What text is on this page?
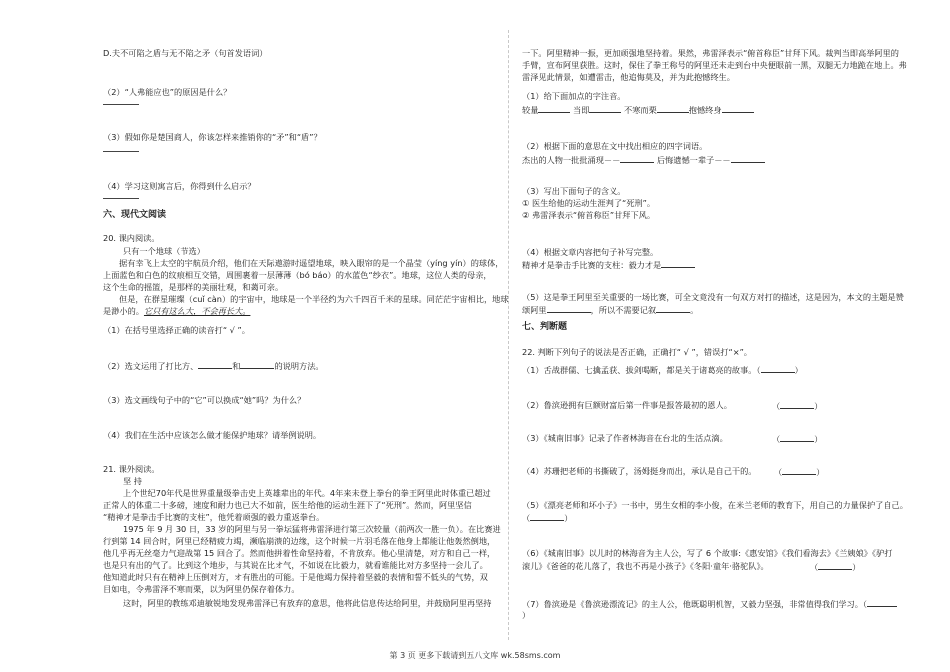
D.夫不可陷之盾与无不陷之矛（句首发语词）
（2）“人弗能应也”的原因是什么？
（3）假如你是楚国商人，你该怎样来推销你的“矛”和“盾”？
（4）学习这则寓言后，你得到什么启示？
六、现代文阅读
20. 课内阅读。
只有一个地球（节选）
据有幸飞上太空的宇航员介绍，他们在天际遨游时遥望地球，映入眼帘的是一个晶莹（yíng yín）的球体，
上面蓝色和白色的纹痕相互交错，周围裹着一层薄薄（bó báo）的水蓝色“纱衣”。地球，这位人类的母亲，
这个生命的摇篮，是那样的美丽壮观，和蔼可亲。
但是，在群星璀璨（cuǐ càn）的宇宙中，地球是一个半径约为六千四百千米的星球。同茫茫宇宙相比，地球
是渺小的。它只有这么大，不会再长大。
（1）在括号里选择正确的读音打“ √ ”。
（2）选文运用了打比方、	和	的说明方法。
（3）选文画线句子中的“它”可以换成“她”吗？为什么？
（4）我们在生活中应该怎么做才能保护地球？请举例说明。
21. 课外阅读。
坚 持
上个世纪70年代是世界重量级拳击史上英雄辈出的年代。4年来未登上拳台的拳王阿里此时体重已超过
正常人的体重二十多磅，速度和耐力也已大不如前，医生给他的运动生涯下了“死刑”。然而，阿里坚信
“精神才是拳击手比赛的支柱”，他凭着顽强的毅力重返拳台。
1975 年 9 月 30 日，33 岁的阿里与另一拳坛猛将弗雷泽进行第三次较量（前两次一胜一负）。在比赛进
行到第 14 回合时，阿里已经精疲力竭，濒临崩溃的边缘，这个时候一片羽毛落在他身上都能让他轰然倒地，
他几乎再无丝毫力气迎战第 15 回合了。然而他拼着性命坚持着，不肯放弃。他心里清楚，对方和自己一样，
也是只有出的气了。比到这个地步，与其说在比オ气，不如说在比毅力，就看谁能比对方多坚持一会儿了。
他知道此时只有在精神上压倒对方，オ有胜出的可能。于是他竭力保持着坚毅的表情和誓不低头的气势，双
目如电，令弗雷泽不寒而栗，以为阿里仍保存着体力。
这时，阿里的教练邓迪敏锐地发现弗雷泽已有放弃的意思，他将此信息传达给阿里，并鼓励阿里再坚持
一下。阿里精神一振，更加顽强地坚持着。果然，弗雷泽表示“俯首称臣”甘拜下风。裁判当即高举阿里的
手臂，宣布阿里获胜。这时，保住了拳王称号的阿里还未走到台中央便眼前一黑，双腿无力地跪在地上。弗
雷泽见此情景，如遭雷击，他追悔莫及，并为此抱憾终生。
（1）给下面加点的字注音。
较量	当即	不寒而栗	抱憾终身
（2）根据下面的意思在文中找出相应的四字词语。
杰出的人物一批批涌现－－	后悔遗憾一辈子－－
（3）写出下面句子的含义。
① 医生给他的运动生涯判了“死刑”。
② 弗雷泽表示“俯首称臣”甘拜下风。
（4）根据文章内容把句子补写完整。
精神才是拳击手比赛的支柱：毅力才是
（5）这是拳王阿里至关重要的一场比赛，可全文竟没有一句双方对打的描述，这是因为，本文的主题是赞
颂阿里	，所以不需要记叙	。
七、判断题
22. 判断下列句子的说法是否正确，正确打“ √ ”，错误打“×”。
（1）舌战群儒、七擒孟获、拔剑喝断，都是关于诸葛亮的故事。（	）
（2）鲁滨逊拥有巨额财富后第一件事是报答最初的恩人。	（	）
（3）《城南旧事》记录了作者林海音在台北的生活点滴。	（	）
（4）苏珊把老师的书撕破了，汤姆挺身而出，承认是自己干的。 （	）
（5）《漂亮老师和坏小子》一书中，男生女相的李小俊，在米兰老师的教育下，用自己的力量保护了自己。
（	）
（6）《城南旧事》以儿时的林海音为主人公，写了 6 个故事:《惠安馆》《我们看海去》《兰姨娘》《驴打
滚儿》《爸爸的花儿落了，我也不再是小孩子》《冬阳·童年·骆驼队》。	（	）
（7）鲁滨逊是《鲁滨逊漂流记》的主人公，他既聪明机智，又毅力坚强，非常值得我们学习。（
）
第 3 页 更多下载请到五八文库 wk.58sms.com
